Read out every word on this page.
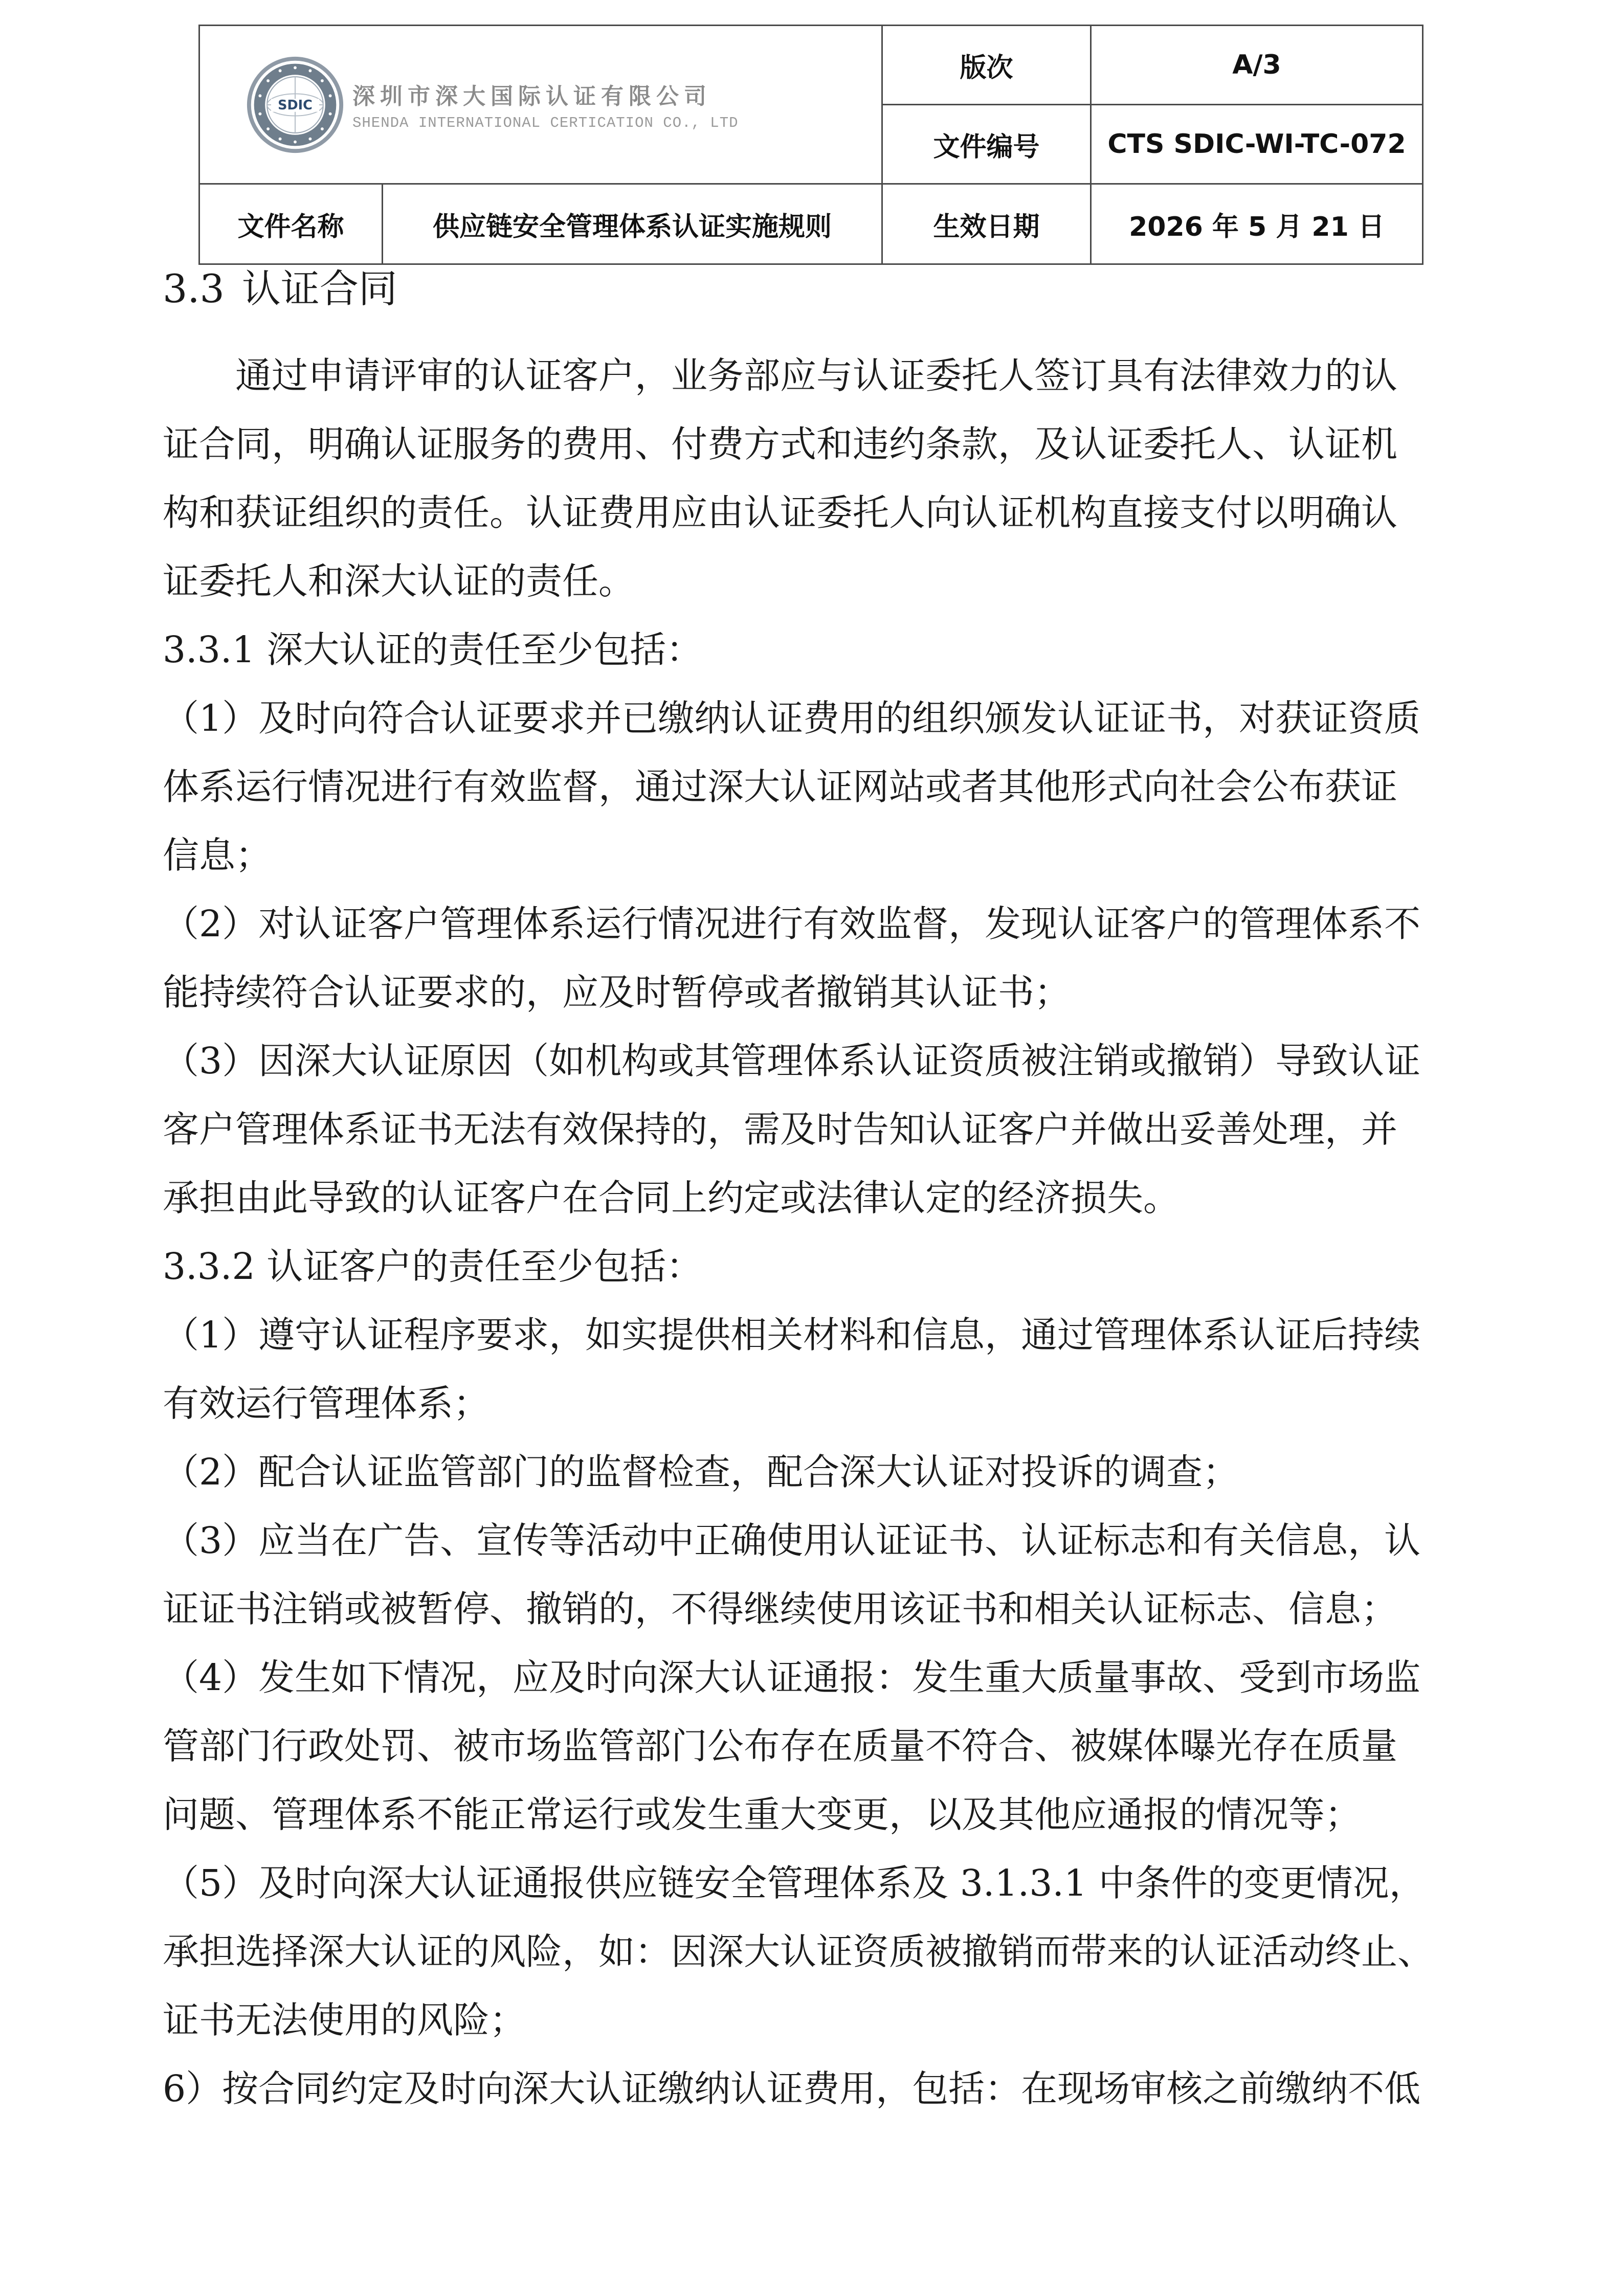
SDIC 深圳市深大国际认证有限公司
SHENDA INTERNATIONAL CERTICATION CO., LTD		版次	A/3
		文件编号	CTS SDIC-WI-TC-072
文件名称	供应链安全管理体系认证实施规则	生效日期	2026 年 5 月 21 日
3.3 认证合同

　　通过申请评审的认证客户，业务部应与认证委托人签订具有法律效力的认

证合同，明确认证服务的费用、付费方式和违约条款，及认证委托人、认证机

构和获证组织的责任。认证费用应由认证委托人向认证机构直接支付以明确认

证委托人和深大认证的责任。

3.3.1 深大认证的责任至少包括：

（1）及时向符合认证要求并已缴纳认证费用的组织颁发认证证书，对获证资质

体系运行情况进行有效监督，通过深大认证网站或者其他形式向社会公布获证

信息；

（2）对认证客户管理体系运行情况进行有效监督，发现认证客户的管理体系不

能持续符合认证要求的，应及时暂停或者撤销其认证书；

（3）因深大认证原因（如机构或其管理体系认证资质被注销或撤销）导致认证

客户管理体系证书无法有效保持的，需及时告知认证客户并做出妥善处理，并

承担由此导致的认证客户在合同上约定或法律认定的经济损失。

3.3.2 认证客户的责任至少包括：

（1）遵守认证程序要求，如实提供相关材料和信息，通过管理体系认证后持续

有效运行管理体系；

（2）配合认证监管部门的监督检查，配合深大认证对投诉的调查；

（3）应当在广告、宣传等活动中正确使用认证证书、认证标志和有关信息，认

证证书注销或被暂停、撤销的，不得继续使用该证书和相关认证标志、信息；

（4）发生如下情况，应及时向深大认证通报：发生重大质量事故、受到市场监

管部门行政处罚、被市场监管部门公布存在质量不符合、被媒体曝光存在质量

问题、管理体系不能正常运行或发生重大变更，以及其他应通报的情况等；

（5）及时向深大认证通报供应链安全管理体系及 3.1.3.1 中条件的变更情况，

承担选择深大认证的风险，如：因深大认证资质被撤销而带来的认证活动终止、

证书无法使用的风险；

6）按合同约定及时向深大认证缴纳认证费用，包括：在现场审核之前缴纳不低
